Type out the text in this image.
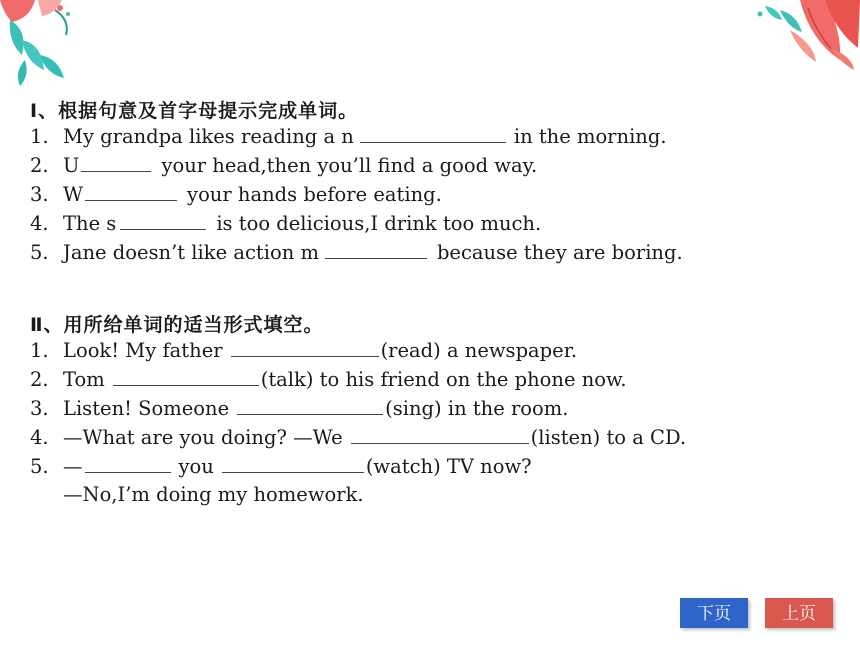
Ⅰ、根据句意及首字母提示完成单词。
1. My grandpa likes reading a n	in the morning.
2. U	your head,then you’ll find a good way.
3. W	your hands before eating.
4. The s	is too delicious,I drink too much.
5. Jane doesn’t like action m	because they are boring.
Ⅱ、用所给单词的适当形式填空。
1. Look! My father	(read) a newspaper.
2. Tom	(talk) to his friend on the phone now.
3. Listen! Someone	(sing) in the room.
4. —What are you doing? —We	(listen) to a CD.
5. —	you	(watch) TV now?
—No,I’m doing my homework.
下页	上页
